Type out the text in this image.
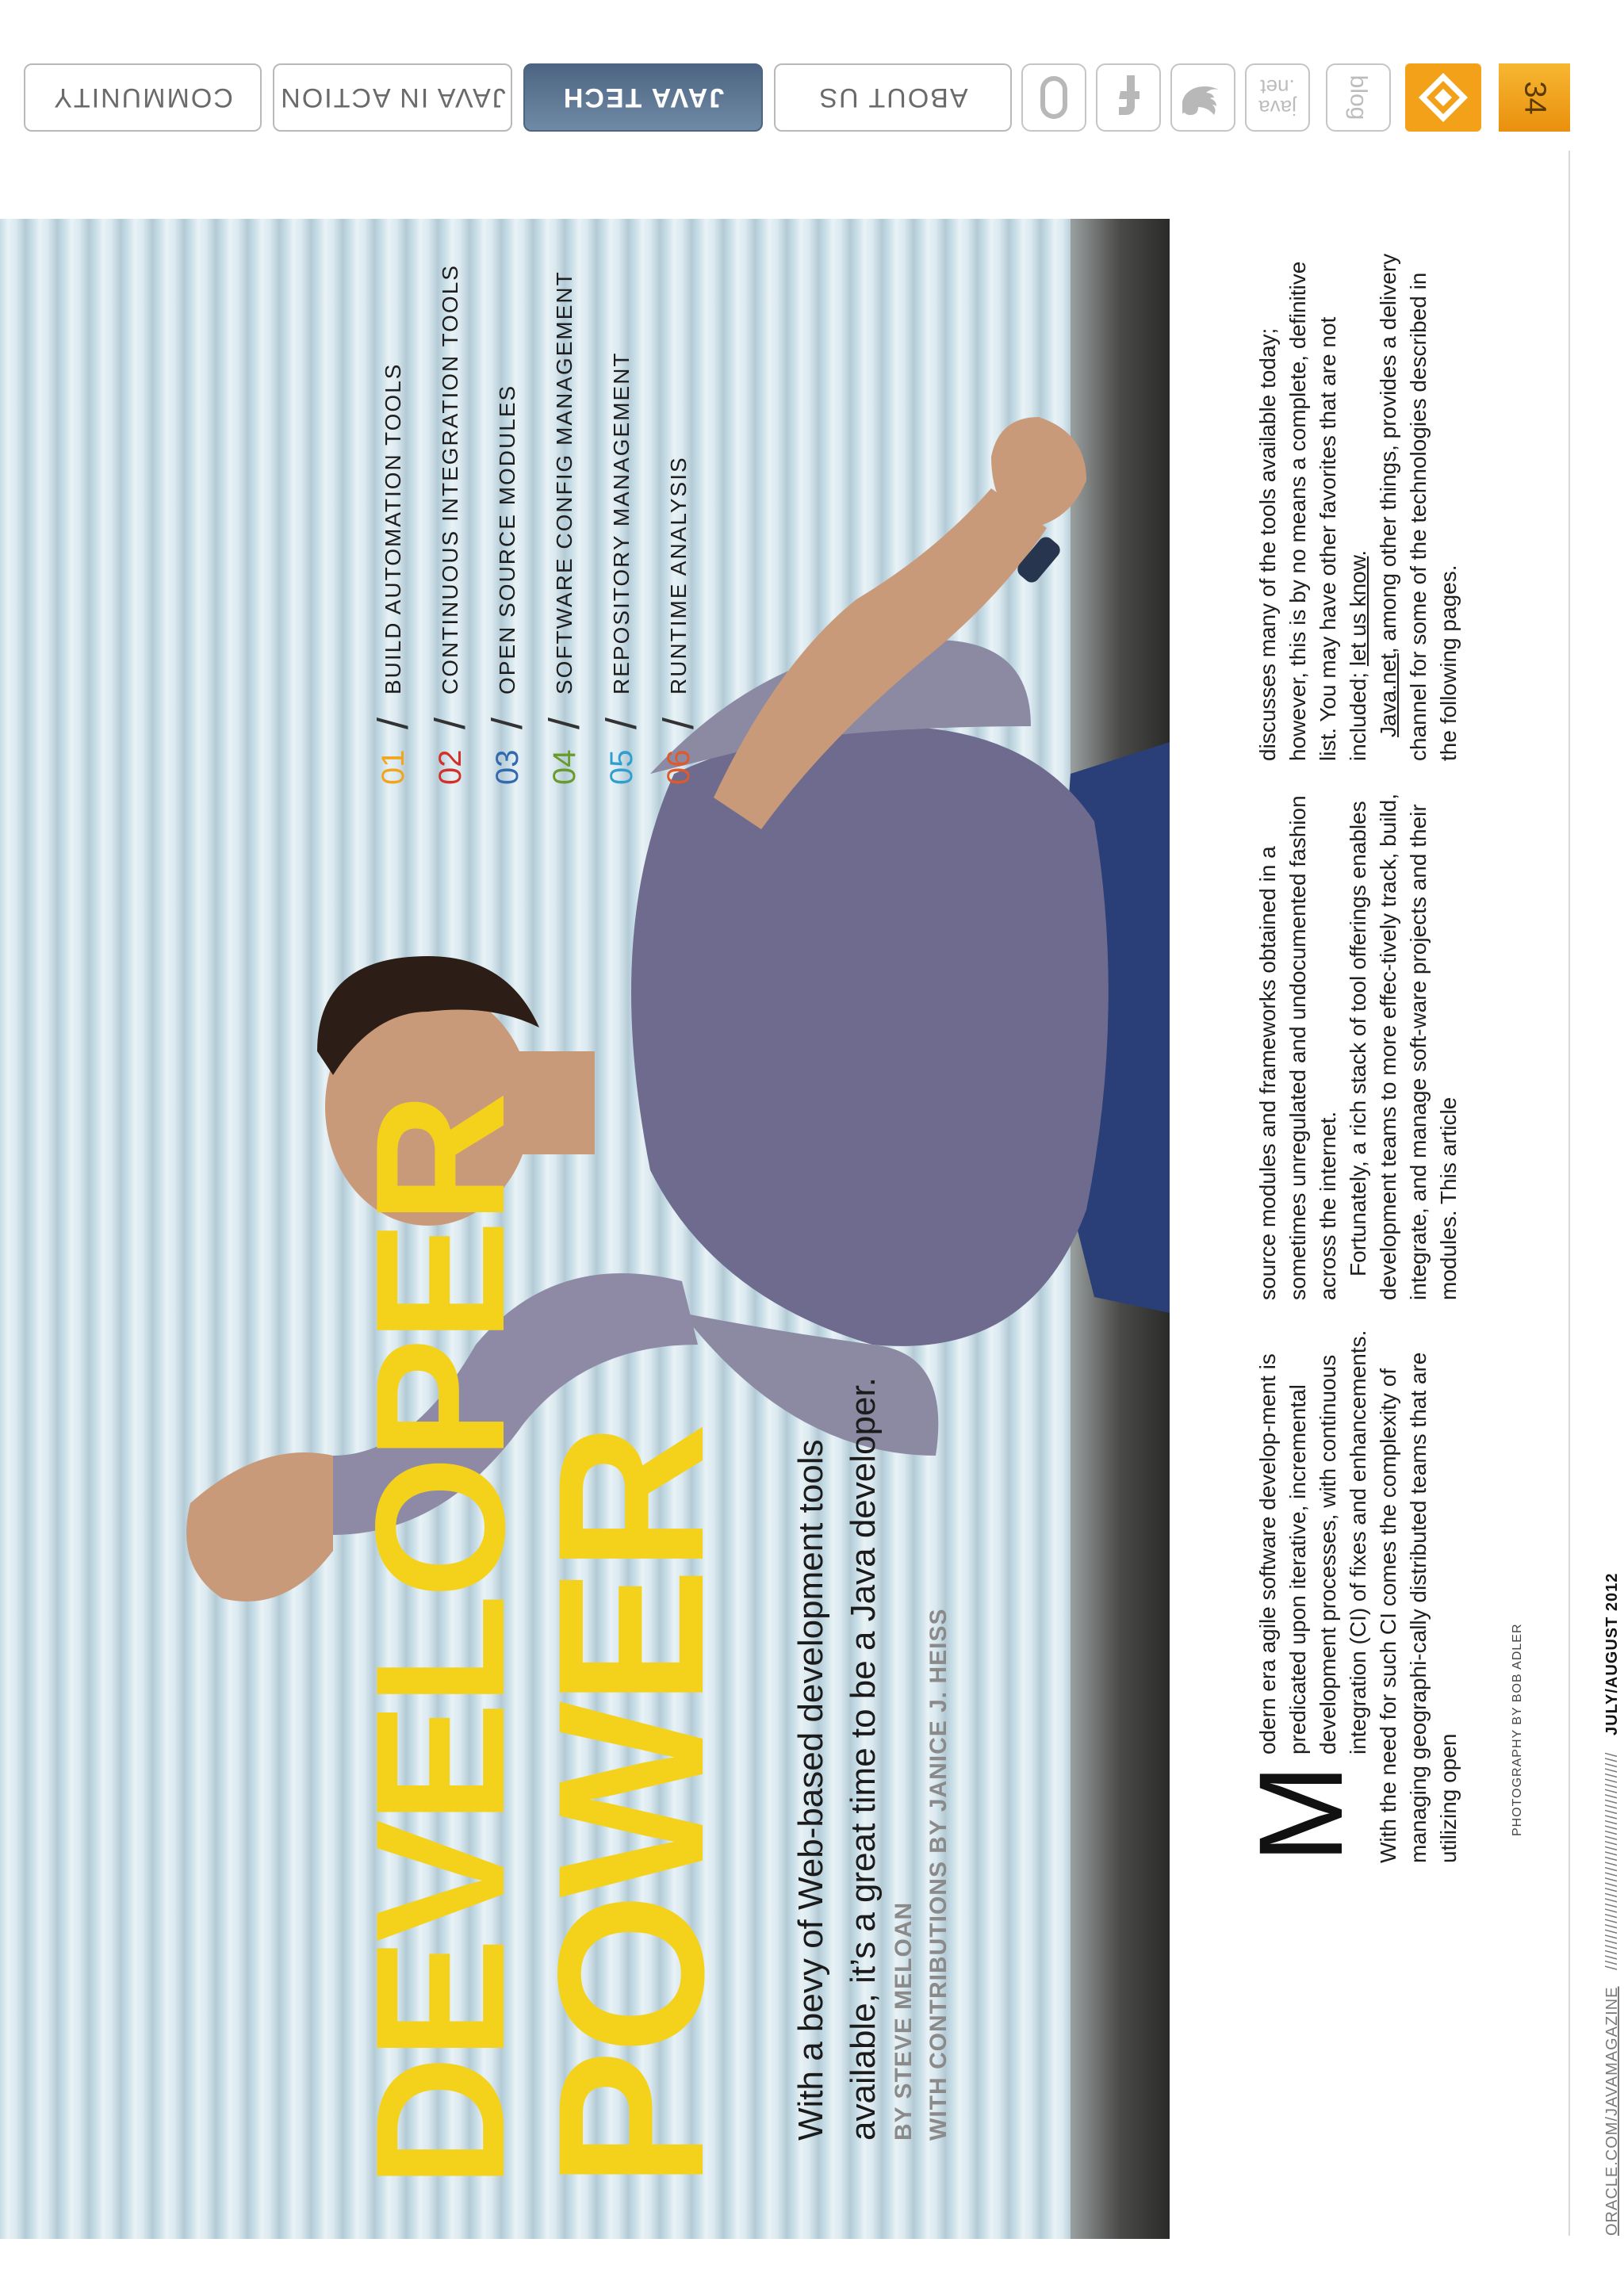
COMMUNITY JAVA IN ACTION JAVA TECH	ABOUT US	java
.net blog	34
DEVELOPER
POWER With a bevy of Web-based development tools available, it’s a great time to be a Java developer. BY STEVE MELOAN WITH CONTRIBUTIONS BY JANICE J. HEISS
01
/
BUILD AUTOMATION TOOLS
02
/
CONTINUOUS INTEGRATION TOOLS
03
/
OPEN SOURCE MODULES
04
/
SOFTWARE CONFIG MANAGEMENT
05
/
REPOSITORY MANAGEMENT
06
/
RUNTIME ANALYSIS

M
odern era agile software develop-ment is predicated upon iterative, incremental development processes, with continuous integration (CI) of fixes and enhancements. With the need for such CI comes the complexity of managing geographi-cally distributed teams that are utilizing open

source modules and frameworks obtained in a sometimes unregulated and undocumented fashion across the internet. Fortunately, a rich stack of tool offerings enables development teams to more effec-tively track, build, integrate, and manage soft-ware projects and their modules. This article

discusses many of the tools available today; however, this is by no means a complete, definitive list. You may have other favorites that are not included; let us know.

Java.net, among other things, provides a delivery channel for some of the technologies described in the following pages.

PHOTOGRAPHY BY BOB ADLER
ORACLE.COM/JAVAMAGAZINE ////////////////////////////////////////// JULY/AUGUST 2012
